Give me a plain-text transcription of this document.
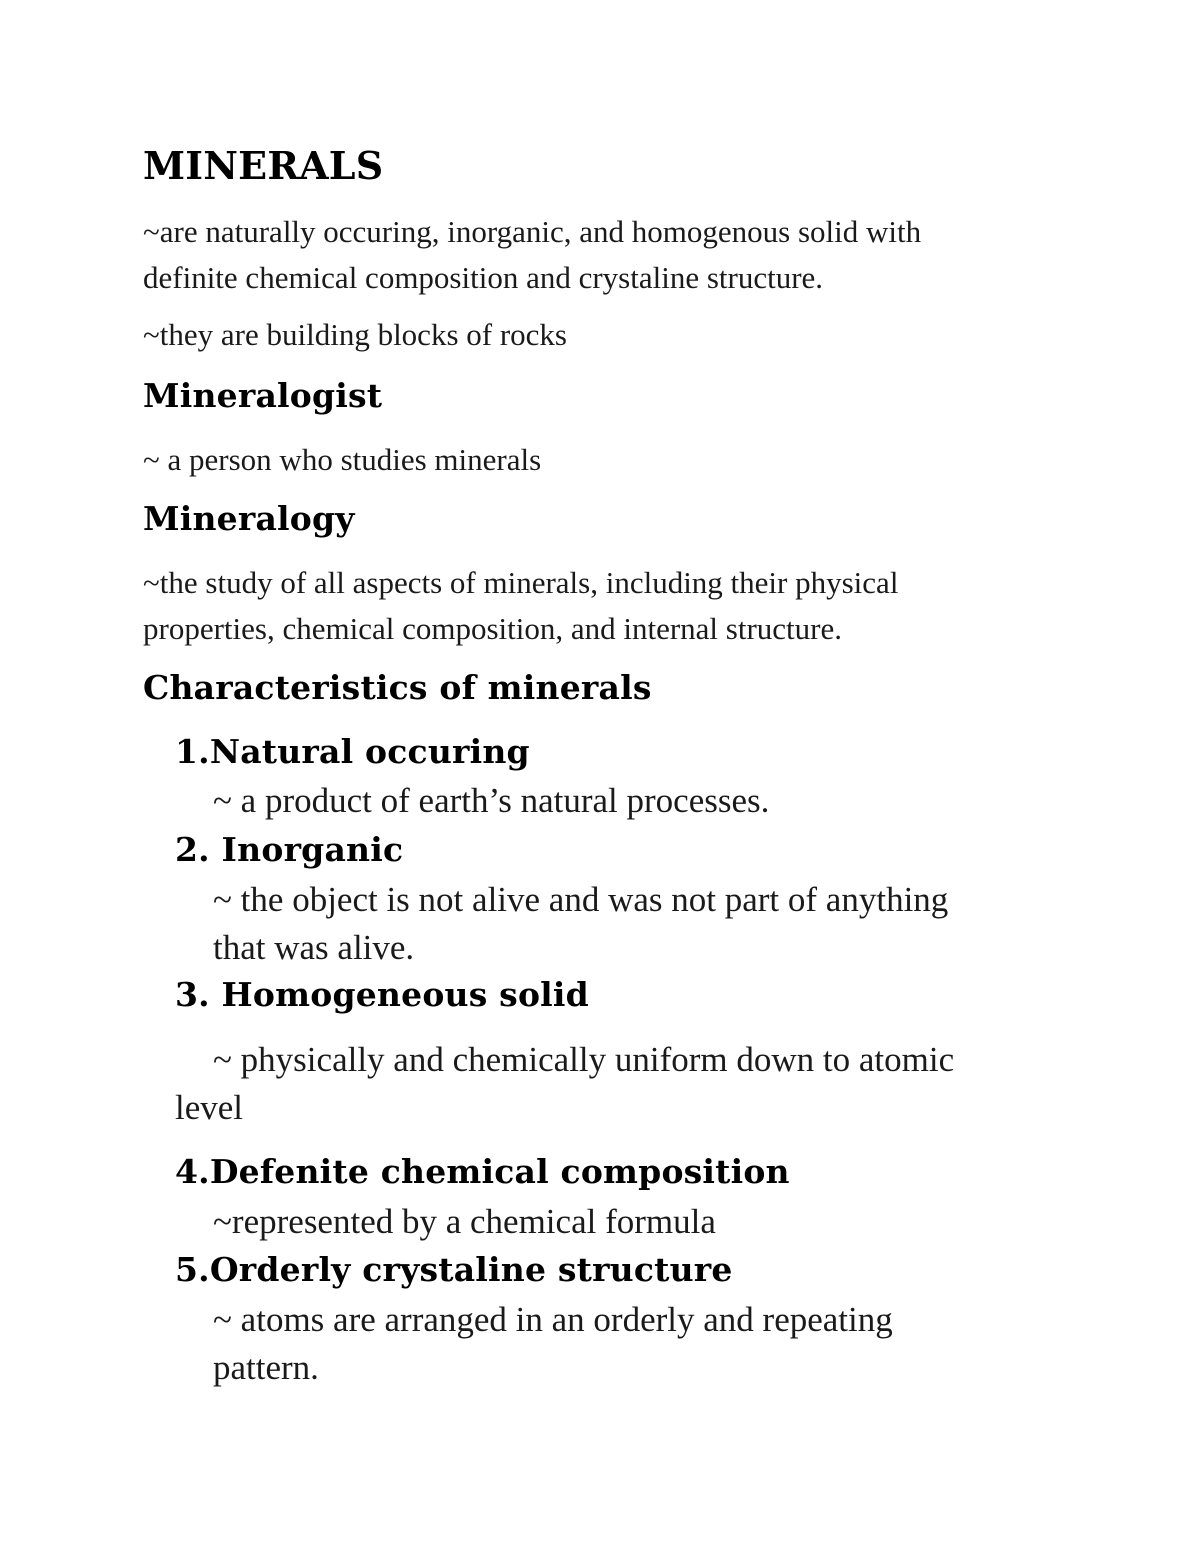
MINERALS
~are naturally occuring, inorganic, and homogenous solid with
definite chemical composition and crystaline structure.
~they are building blocks of rocks
Mineralogist
~ a person who studies minerals
Mineralogy
~the study of all aspects of minerals, including their physical
properties, chemical composition, and internal structure.
Characteristics of minerals
1.Natural occuring
~ a product of earth’s natural processes.
2. Inorganic
~ the object is not alive and was not part of anything
that was alive.
3. Homogeneous solid
~ physically and chemically uniform down to atomic
level
4.Defenite chemical composition
~represented by a chemical formula
5.Orderly crystaline structure
~ atoms are arranged in an orderly and repeating
pattern.
